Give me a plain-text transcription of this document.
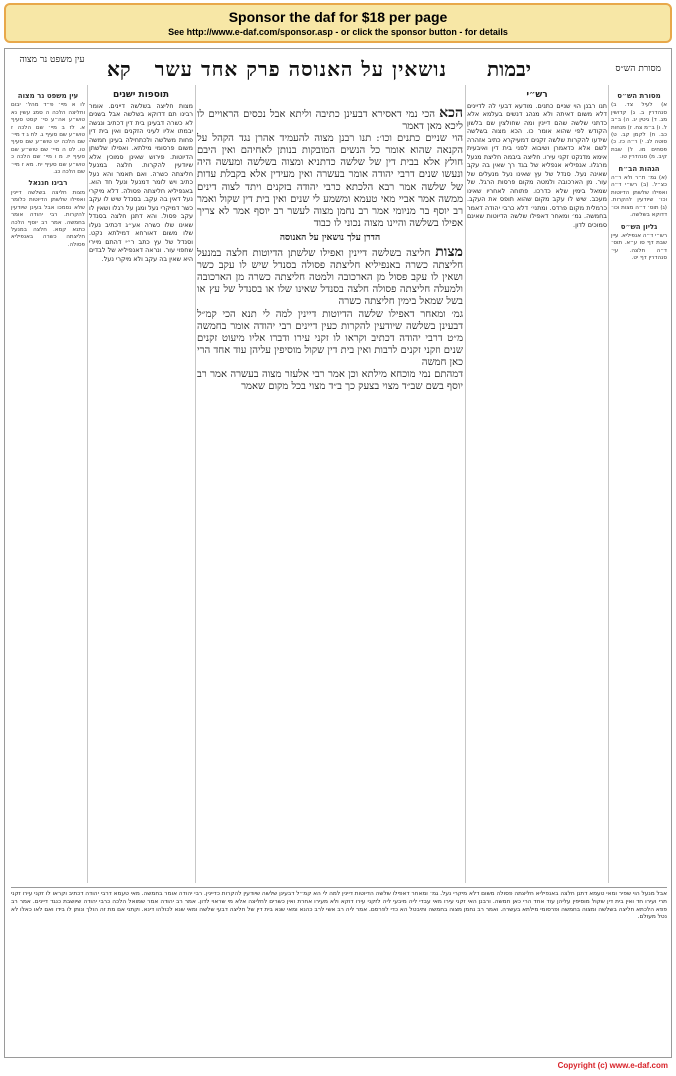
Sponsor the daf for $18 per page
See http://www.e-daf.com/sponsor.asp - or click the sponsor button - for details
מסורת הש״ס
נושאין על האנוסה פרק אחד עשר יבמות
קא
עין משפט נר מצוה
מסורת הש״ס
א) לעיל צד. ב) סנהדרין ב. ג) קדושין מג. ד) גיטין יג. ה) ב״ב ל. ו) ב״מ צח. ז) מנחות כב. ח) לקמן קב. ט) סוטה לג. י) ר״ה כז. כ) פסחים מו. ל) שבת קיב. מ) סנהדרין טו.
הגהות הב״ח
(א) גמ׳ ת״ר ולא ר״ה כצ״ל. (ב) רש״י ד״ה ואפילו שלשתן הדיוטות וכו׳ שיודעין להקרות. (ג) תוס׳ ד״ה מצות וכו׳ דדוקא בשלשה.
גליון הש״ס
רש״י ד״ה אנפיליא. עיין שבת דף סו ע״א. תוס׳ ד״ה חלצה. עי׳ סנהדרין דף יט.
רש״י
תנו רבנן הוי שניים כתנים. מודעא דבעי לה לדיינים דלא משום דאיתה ולא מנהג דנשים בעלמא אלא כדתני שלשה שהם דיינין ומה שחולצין שם בלשון הקודש לפי שהוא אומר כו. הכא מצוה בשלשה שידעו להקרות שלשה זקנים דמעיקרא כתיב אזהרה לשם אלא כדאמרן ושיבוא לפני בית דין ואיבעית אימא מדנקט זקני עירו. חליצה ביבמה חליצת מנעל מרגלו. אנפיליא אנפליא של בגד רך שאין בה עקב שאינה נעל. סנדל של עץ שאינו נעל מנעלים של עור. מן הארכובה ולמטה מקום פרסות הרגל. של שמאל בימין שלא כדרכו. פתוחה לאחריו שאינו מעכב. שיש לו עקב מקום שהוא תופס את העקב. כרמלית מקום פרדס. ומתני׳ דלא כרבי יהודה דאמר בחמשה. גמ׳ ומאחר דאפילו שלשה הדיוטות שאינם סמוכים לדון.
הכא הכי נמי דאסירא דבעינן כתיבה וליתא אבל נכסים הראויים לו ליכא מאן דאמר
הוי שניים כתנים וכו׳: תנו רבנן מצוה להעמיד אהרן נגד הקהל על הקנאה שהוא אומר כל הנשים המובקות בנותן לאחיהם ואין היבם חולץ אלא בבית דין של שלשה כדתניא ומצוה בשלשה ומעשה היה ונעשו שנים דרבי יהודה אומר בעשרה ואין מעידין אלא בקבלת עדות של שלשה אמר רבא הלכתא כרבי יהודה בזקנים ויתד לצוה דינים ממשה אמר אביי מאי טעמא ומשמע לי שנים ואין בית דין שקול ואמר רב יוסף בר מניומי אמר רב נחמן מצוה לעשר רב יוסף אמר לא צריך אפילו בשלשה והיינו מצוה נכוני לו כבוד
הדרן עלך נושאין על האנוסה
מצות חליצה בשלשה דיינין ואפילו שלשתן הדיוטות חלצה במנעל חליצתה כשרה באנפיליא חליצתה פסולה בסנדל שיש לו עקב כשר ושאין לו עקב פסול מן הארכובה ולמטה חליצתה כשרה מן הארכובה ולמעלה חליצתה פסולה חלצה בסנדל שאינו שלו או בסנדל של עץ או בשל שמאל בימין חליצתה כשרה
גמ׳ ומאחר דאפילו שלשה הדיוטות דיינין למה לי תנא הכי קמ״ל דבעינן בשלשה שיודעין להקרות כעין דיינים רבי יהודה אומר בחמשה מ״ט דרבי יהודה דכתיב וקראו לו זקני עירו ודברו אליו מיעוט זקנים שנים וזקני זקנים לרבות ואין בית דין שקול מוסיפין עליהן עוד אחד הרי כאן חמשה
דמהתם נמי מוכחא מילתא וכן אמר רבי אלעזר מצוה בעשרה אמר רב יוסף בשם שב״ד מצוי בצעק כך ב״ד מצוי בכל מקום שאמר
תוספות ישנים
מצות חליצה בשלשה דיינים. אומר רבינו תם דדוקא בשלשה אבל בשנים לא כשרה דבעינן בית דין דכתיב ונגשה יבמתו אליו לעיני הזקנים ואין בית דין פחות משלשה ולכתחילה בעינן חמשה משום פרסומי מילתא. ואפילו שלשתן הדיוטות. פירוש שאינן סמוכין אלא שיודעין להקרות. חלצה במנעל חליצתה כשרה. ואם תאמר והא נעל כתיב ויש לומר דמנעל ונעל חד הוא. באנפיליא חליצתה פסולה. דלא מיקרי נעל דאין בה עקב. בסנדל שיש לו עקב כשר דמיקרי נעל ומגן על רגלו ושאין לו עקב פסול. והא דתנן חלצה בסנדל שאינו שלו כשרה אע״ג דכתיב נעלו שלו משום דאורחא דמילתא נקט. וסנדל של עץ כתב ר״י דהתם מיירי שחפוי עור. ונראה דאנפיליא של לבדים היא שאין בה עקב ולא מיקרי נעל.
עין משפט נר מצוה
לו א מיי׳ פ״ד מהל׳ יבום וחליצה הלכה ה סמג עשין נא טוש״ע אה״ע סי׳ קסט סעיף א. לז ב מיי׳ שם הלכה ז טוש״ע שם סעיף ג. לח ג ד מיי׳ שם הלכה יט טוש״ע שם סעיף טו. לט ה מיי׳ שם טוש״ע שם סעיף יז. מ ו מיי׳ שם הלכה כ טוש״ע שם סעיף יח. מא ז מיי׳ שם הלכה כג.
רבינו חננאל
מצות חליצה בשלשה דיינין ואפילו שלשתן הדיוטות כלומר שלא נסמכו אבל בעינן שיודעין להקרות. רבי יהודה אומר בחמשה. אמר רב יוסף הלכה כתנא קמא. חלצה במנעל חליצתה כשרה באנפיליא פסולה.
אבל מנעל הוי שפיר ומאי טעמא דתנן חלצה באנפיליא חליצתה פסולה משום דלא מיקרי נעל. גמ׳ ומאחר דאפילו שלשה הדיוטות דיינין למה לי הא קמ״ל דבעינן שלשה שיודעין להקרות כדיינין. רבי יהודה אומר בחמשה. מאי טעמא דרבי יהודה דכתיב וקראו לו זקני עירו זקני תרי ועירו חד ואין בית דין שקול מוסיפין עליהן עוד אחד הרי כאן חמשה. ורבנן האי זקני עירו מאי עבדי ליה מיבעי ליה לזקני עירו דוקא ולא מעירו אחרת ואין כשרים לחליצה אלא מי שראוי לדון. אמר רב יהודה אמר שמואל הלכה כרבי יהודה שיושבת כנגד דיינים. אמר רב פפא הלכתא חליצה בשלשה ומצוה בחמשה ופרסומי מילתא בעשרה. ואמר רב נחמן מצוה בחמשה ותיבטל הא כדי לפרסם. אמר ליה רב אשי לרב כהנא ומאי שנא בית דין של חליצה דבעי שלשה ומאי שנא לכולהו דינא. וקתני אם מת זה הולך ונותן לו בידו ואם לאו כאלו לא נטל מעולם.
Copyright (c) www.e-daf.com
